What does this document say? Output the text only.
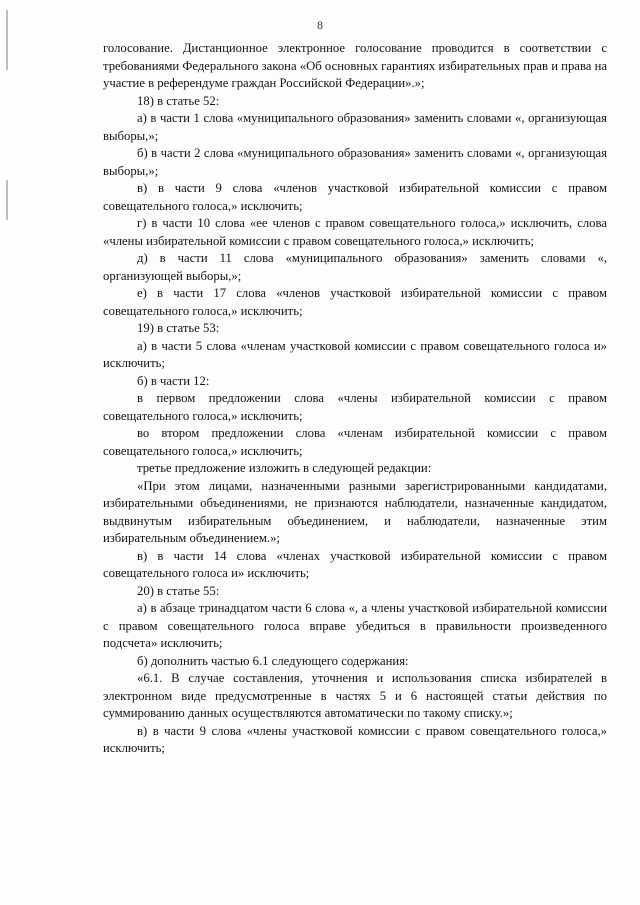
8

голосование. Дистанционное электронное голосование проводится в соответствии с требованиями Федерального закона «Об основных гарантиях избирательных прав и права на участие в референдуме граждан Российской Федерации».»;

18) в статье 52:

а) в части 1 слова «муниципального образования» заменить словами «, организующая выборы,»;

б) в части 2 слова «муниципального образования» заменить словами «, организующая выборы,»;

в) в части 9 слова «членов участковой избирательной комиссии с правом совещательного голоса,» исключить;

г) в части 10 слова «ее членов с правом совещательного голоса,» исключить, слова «члены избирательной комиссии с правом совещательного голоса,» исключить;

д) в части 11 слова «муниципального образования» заменить словами «, организующей выборы,»;

е) в части 17 слова «членов участковой избирательной комиссии с правом совещательного голоса,» исключить;

19) в статье 53:

а) в части 5 слова «членам участковой комиссии с правом совещательного голоса и» исключить;

б) в части 12:

в первом предложении слова «члены избирательной комиссии с правом совещательного голоса,» исключить;

во втором предложении слова «членам избирательной комиссии с правом совещательного голоса,» исключить;

третье предложение изложить в следующей редакции:

«При этом лицами, назначенными разными зарегистрированными кандидатами, избирательными объединениями, не признаются наблюдатели, назначенные кандидатом, выдвинутым избирательным объединением, и наблюдатели, назначенные этим избирательным объединением.»;

в) в части 14 слова «членах участковой избирательной комиссии с правом совещательного голоса и» исключить;

20) в статье 55:

а) в абзаце тринадцатом части 6 слова «, а члены участковой избирательной комиссии с правом совещательного голоса вправе убедиться в правильности произведенного подсчета» исключить;

б) дополнить частью 6.1 следующего содержания:

«6.1. В случае составления, уточнения и использования списка избирателей в электронном виде предусмотренные в частях 5 и 6 настоящей статьи действия по суммированию данных осуществляются автоматически по такому списку.»;

в) в части 9 слова «члены участковой комиссии с правом совещательного голоса,» исключить;
